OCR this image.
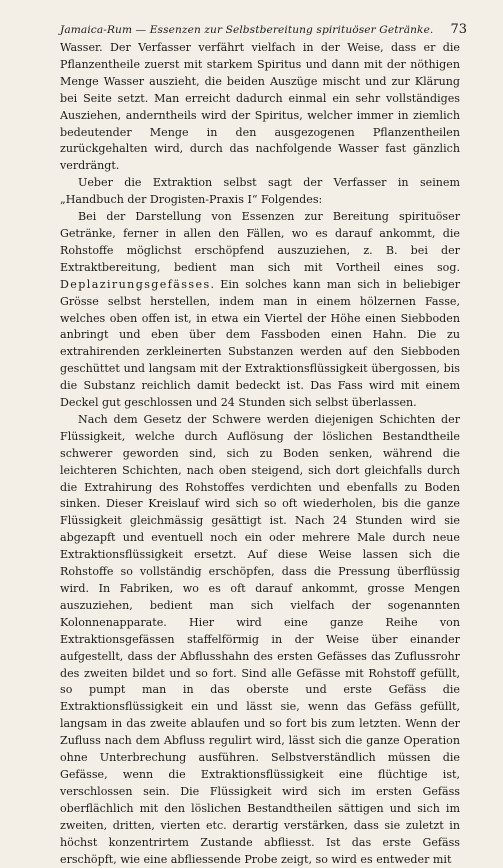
Jamaica-Rum — Essenzen zur Selbstbereitung spirituöser Getränke. 73

Wasser. Der Verfasser verfährt vielfach in der Weise, dass er die Pflanzentheile zuerst mit starkem Spiritus und dann mit der nöthigen Menge Wasser auszieht, die beiden Auszüge mischt und zur Klärung bei Seite setzt. Man erreicht dadurch einmal ein sehr vollständiges Ausziehen, anderntheils wird der Spiritus, welcher immer in ziemlich bedeutender Menge in den ausgezogenen Pflanzentheilen zurückgehalten wird, durch das nachfolgende Wasser fast gänzlich verdrängt.

Ueber die Extraktion selbst sagt der Verfasser in seinem „Handbuch der Drogisten-Praxis I“ Folgendes:

Bei der Darstellung von Essenzen zur Bereitung spirituöser Getränke, ferner in allen den Fällen, wo es darauf ankommt, die Rohstoffe möglichst erschöpfend auszuziehen, z. B. bei der Extraktbereitung, bedient man sich mit Vortheil eines sog. Deplazirungsgefässes. Ein solches kann man sich in beliebiger Grösse selbst herstellen, indem man in einem hölzernen Fasse, welches oben offen ist, in etwa ein Viertel der Höhe einen Siebboden anbringt und eben über dem Fassboden einen Hahn. Die zu extrahirenden zerkleinerten Substanzen werden auf den Siebboden geschüttet und langsam mit der Extraktionsflüssigkeit übergossen, bis die Substanz reichlich damit bedeckt ist. Das Fass wird mit einem Deckel gut geschlossen und 24 Stunden sich selbst überlassen.

Nach dem Gesetz der Schwere werden diejenigen Schichten der Flüssigkeit, welche durch Auflösung der löslichen Bestandtheile schwerer geworden sind, sich zu Boden senken, während die leichteren Schichten, nach oben steigend, sich dort gleichfalls durch die Extrahirung des Rohstoffes verdichten und ebenfalls zu Boden sinken. Dieser Kreislauf wird sich so oft wiederholen, bis die ganze Flüssigkeit gleichmässig gesättigt ist. Nach 24 Stunden wird sie abgezapft und eventuell noch ein oder mehrere Male durch neue Extraktionsflüssigkeit ersetzt. Auf diese Weise lassen sich die Rohstoffe so vollständig erschöpfen, dass die Pressung überflüssig wird. In Fabriken, wo es oft darauf ankommt, grosse Mengen auszuziehen, bedient man sich vielfach der sogenannten Kolonnenapparate. Hier wird eine ganze Reihe von Extraktionsgefässen staffelförmig in der Weise über einander aufgestellt, dass der Abflusshahn des ersten Gefässes das Zuflussrohr des zweiten bildet und so fort. Sind alle Gefässe mit Rohstoff gefüllt, so pumpt man in das oberste und erste Gefäss die Extraktionsflüssigkeit ein und lässt sie, wenn das Gefäss gefüllt, langsam in das zweite ablaufen und so fort bis zum letzten. Wenn der Zufluss nach dem Abfluss regulirt wird, lässt sich die ganze Operation ohne Unterbrechung ausführen. Selbstverständlich müssen die Gefässe, wenn die Extraktionsflüssigkeit eine flüchtige ist, verschlossen sein. Die Flüssigkeit wird sich im ersten Gefäss oberflächlich mit den löslichen Bestandtheilen sättigen und sich im zweiten, dritten, vierten etc. derartig verstärken, dass sie zuletzt in höchst konzentrirtem Zustande abfliesst. Ist das erste Gefäss erschöpft, wie eine abfliessende Probe zeigt, so wird es entweder mit
